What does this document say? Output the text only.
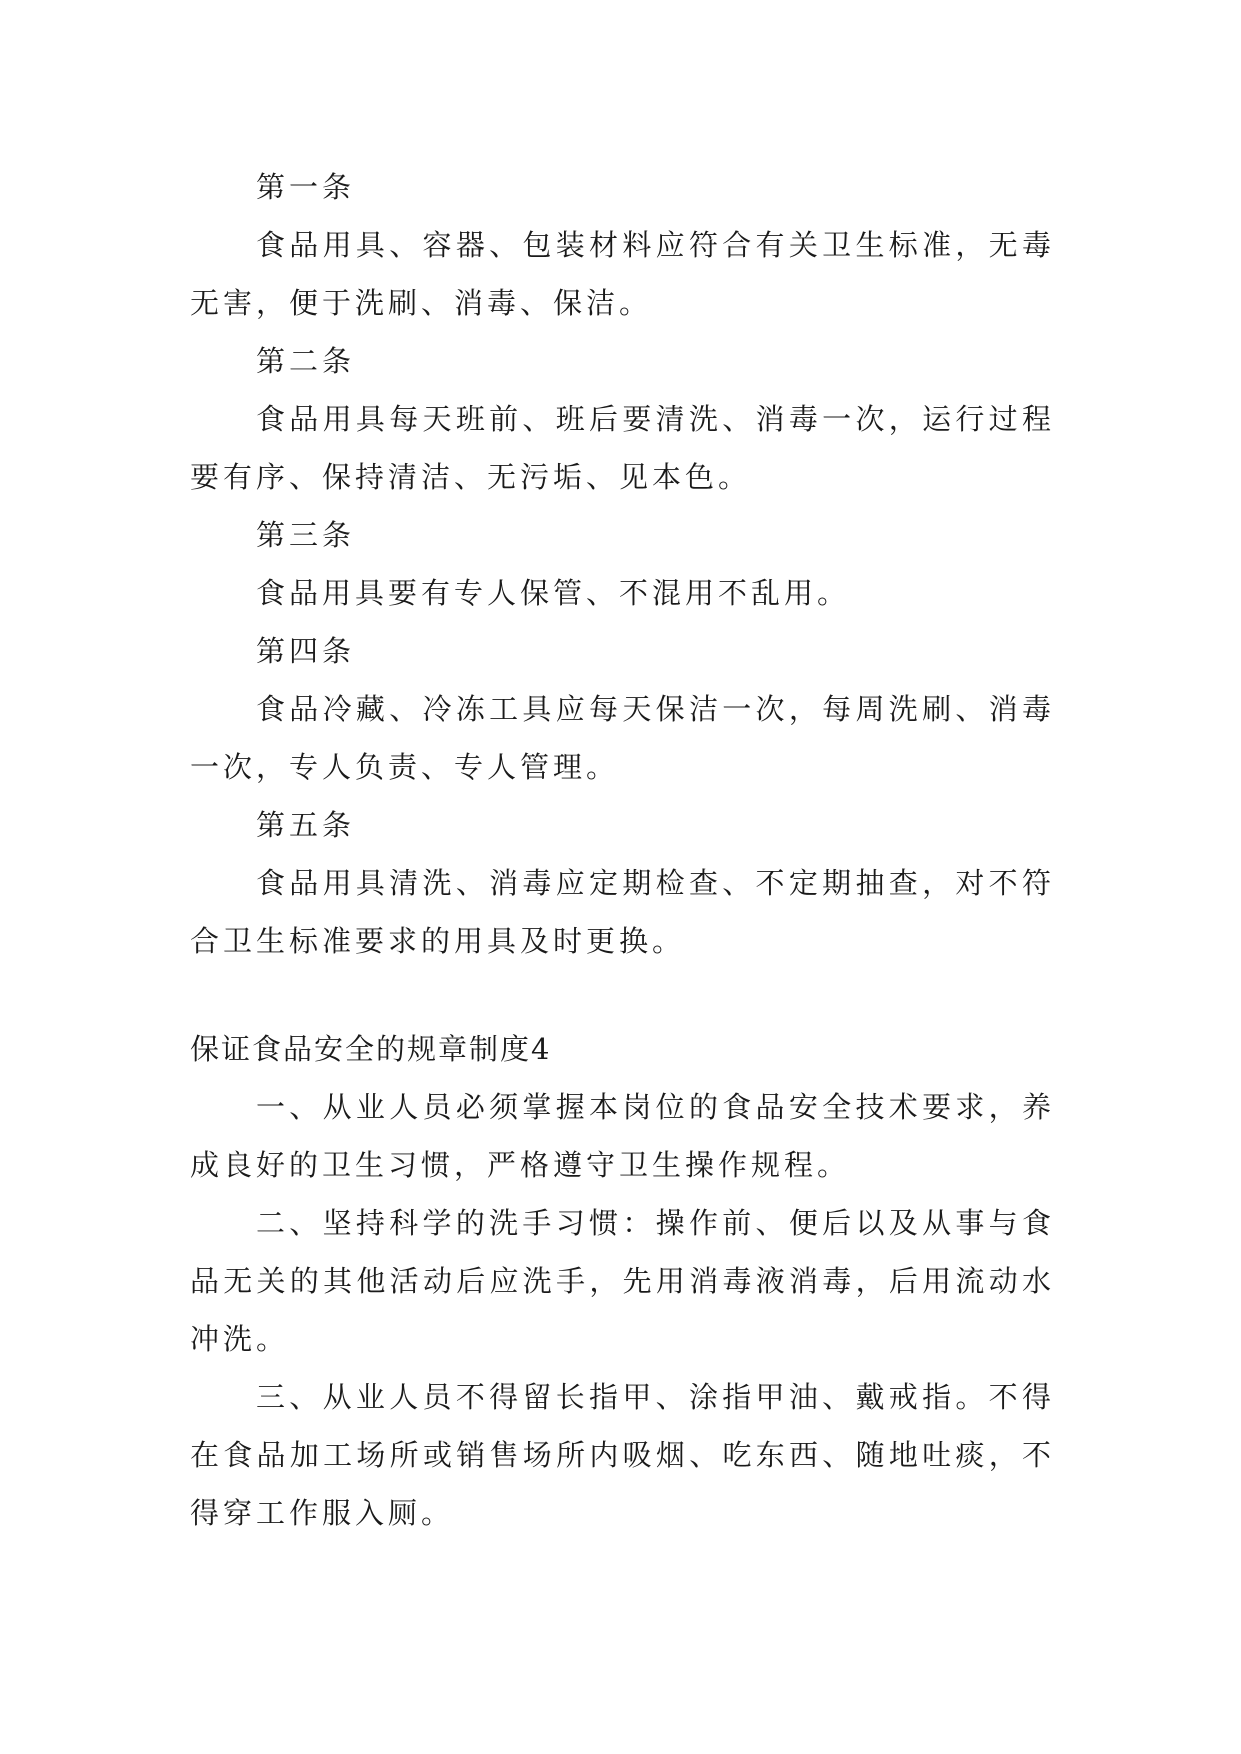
第一条

食品用具、容器、包装材料应符合有关卫生标准，无毒无害，便于洗刷、消毒、保洁。

第二条

食品用具每天班前、班后要清洗、消毒一次，运行过程要有序、保持清洁、无污垢、见本色。

第三条

食品用具要有专人保管、不混用不乱用。

第四条

食品冷藏、冷冻工具应每天保洁一次，每周洗刷、消毒一次，专人负责、专人管理。

第五条

食品用具清洗、消毒应定期检查、不定期抽查，对不符合卫生标准要求的用具及时更换。

保证食品安全的规章制度4

一、从业人员必须掌握本岗位的食品安全技术要求，养成良好的卫生习惯，严格遵守卫生操作规程。

二、坚持科学的洗手习惯：操作前、便后以及从事与食品无关的其他活动后应洗手，先用消毒液消毒，后用流动水冲洗。

三、从业人员不得留长指甲、涂指甲油、戴戒指。不得在食品加工场所或销售场所内吸烟、吃东西、随地吐痰，不得穿工作服入厕。
